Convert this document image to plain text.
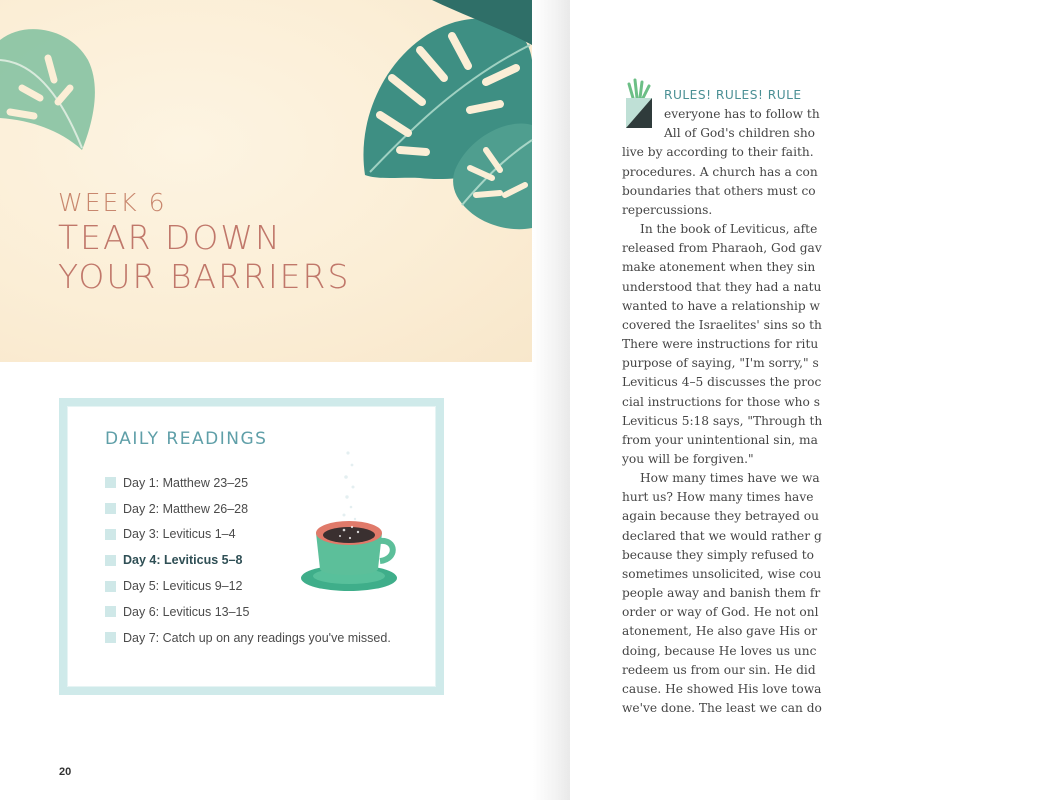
WEEK 6
TEAR DOWN
YOUR BARRIERS
DAILY READINGS
Day 1: Matthew 23–25
Day 2: Matthew 26–28
Day 3: Leviticus 1–4
Day 4: Leviticus 5–8
Day 5: Leviticus 9–12
Day 6: Leviticus 13–15
Day 7: Catch up on any readings you've missed.
20

RULES! RULES! RULE

everyone has to follow th

All of God's children sho

live by according to their faith.

procedures. A church has a con

boundaries that others must co

repercussions.

In the book of Leviticus, afte

released from Pharaoh, God gav

make atonement when they sin

understood that they had a natu

wanted to have a relationship w

covered the Israelites' sins so th

There were instructions for ritu

purpose of saying, "I'm sorry," s

Leviticus 4–5 discusses the proc

cial instructions for those who s

Leviticus 5:18 says, "Through th

from your unintentional sin, ma

you will be forgiven."

How many times have we wa

hurt us? How many times have

again because they betrayed ou

declared that we would rather g

because they simply refused to

sometimes unsolicited, wise cou

people away and banish them fr

order or way of God. He not onl

atonement, He also gave His or

doing, because He loves us unc

redeem us from our sin. He did

cause. He showed His love towa

we've done. The least we can do
